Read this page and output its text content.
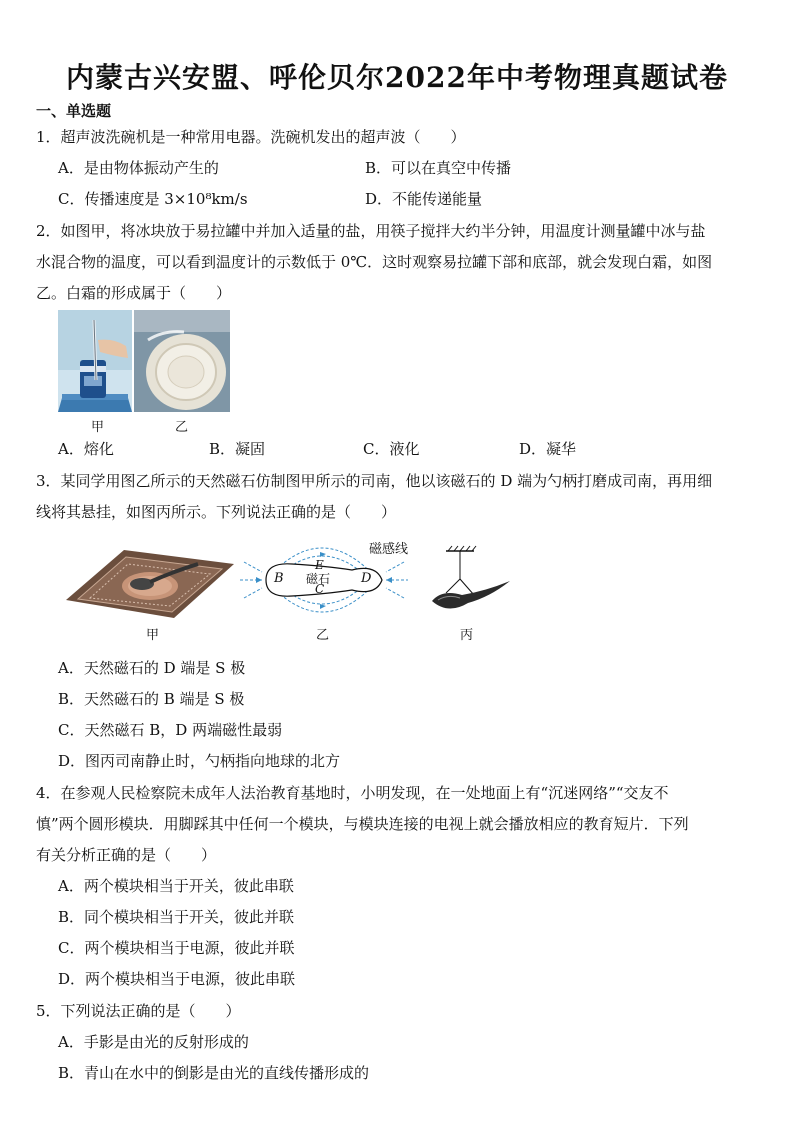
内蒙古兴安盟、呼伦贝尔2022年中考物理真题试卷
一、单选题
1．超声波洗碗机是一种常用电器。洗碗机发出的超声波（　　）
A．是由物体振动产生的	B．可以在真空中传播
C．传播速度是 3×10⁸km/s	D．不能传递能量
2．如图甲，将冰块放于易拉罐中并加入适量的盐，用筷子搅拌大约半分钟，用温度计测量罐中冰与盐
水混合物的温度，可以看到温度计的示数低于 0℃．这时观察易拉罐下部和底部，就会发现白霜，如图
乙。白霜的形成属于（　　）
甲	乙
A．熔化	B．凝固	C．液化	D．凝华
3．某同学用图乙所示的天然磁石仿制图甲所示的司南，他以该磁石的 D 端为勺柄打磨成司南，再用细
线将其悬挂，如图丙所示。下列说法正确的是（　　）
磁感线
B	D
E
磁石
C
甲	乙	丙
A．天然磁石的 D 端是 S 极
B．天然磁石的 B 端是 S 极
C．天然磁石 B，D 两端磁性最弱
D．图丙司南静止时，勺柄指向地球的北方
4．在参观人民检察院未成年人法治教育基地时，小明发现，在一处地面上有“沉迷网络”“交友不
慎”两个圆形模块．用脚踩其中任何一个模块，与模块连接的电视上就会播放相应的教育短片．下列
有关分析正确的是（　　）
A．两个模块相当于开关，彼此串联
B．同个模块相当于开关，彼此并联
C．两个模块相当于电源，彼此并联
D．两个模块相当于电源，彼此串联
5．下列说法正确的是（　　）
A．手影是由光的反射形成的
B．青山在水中的倒影是由光的直线传播形成的
